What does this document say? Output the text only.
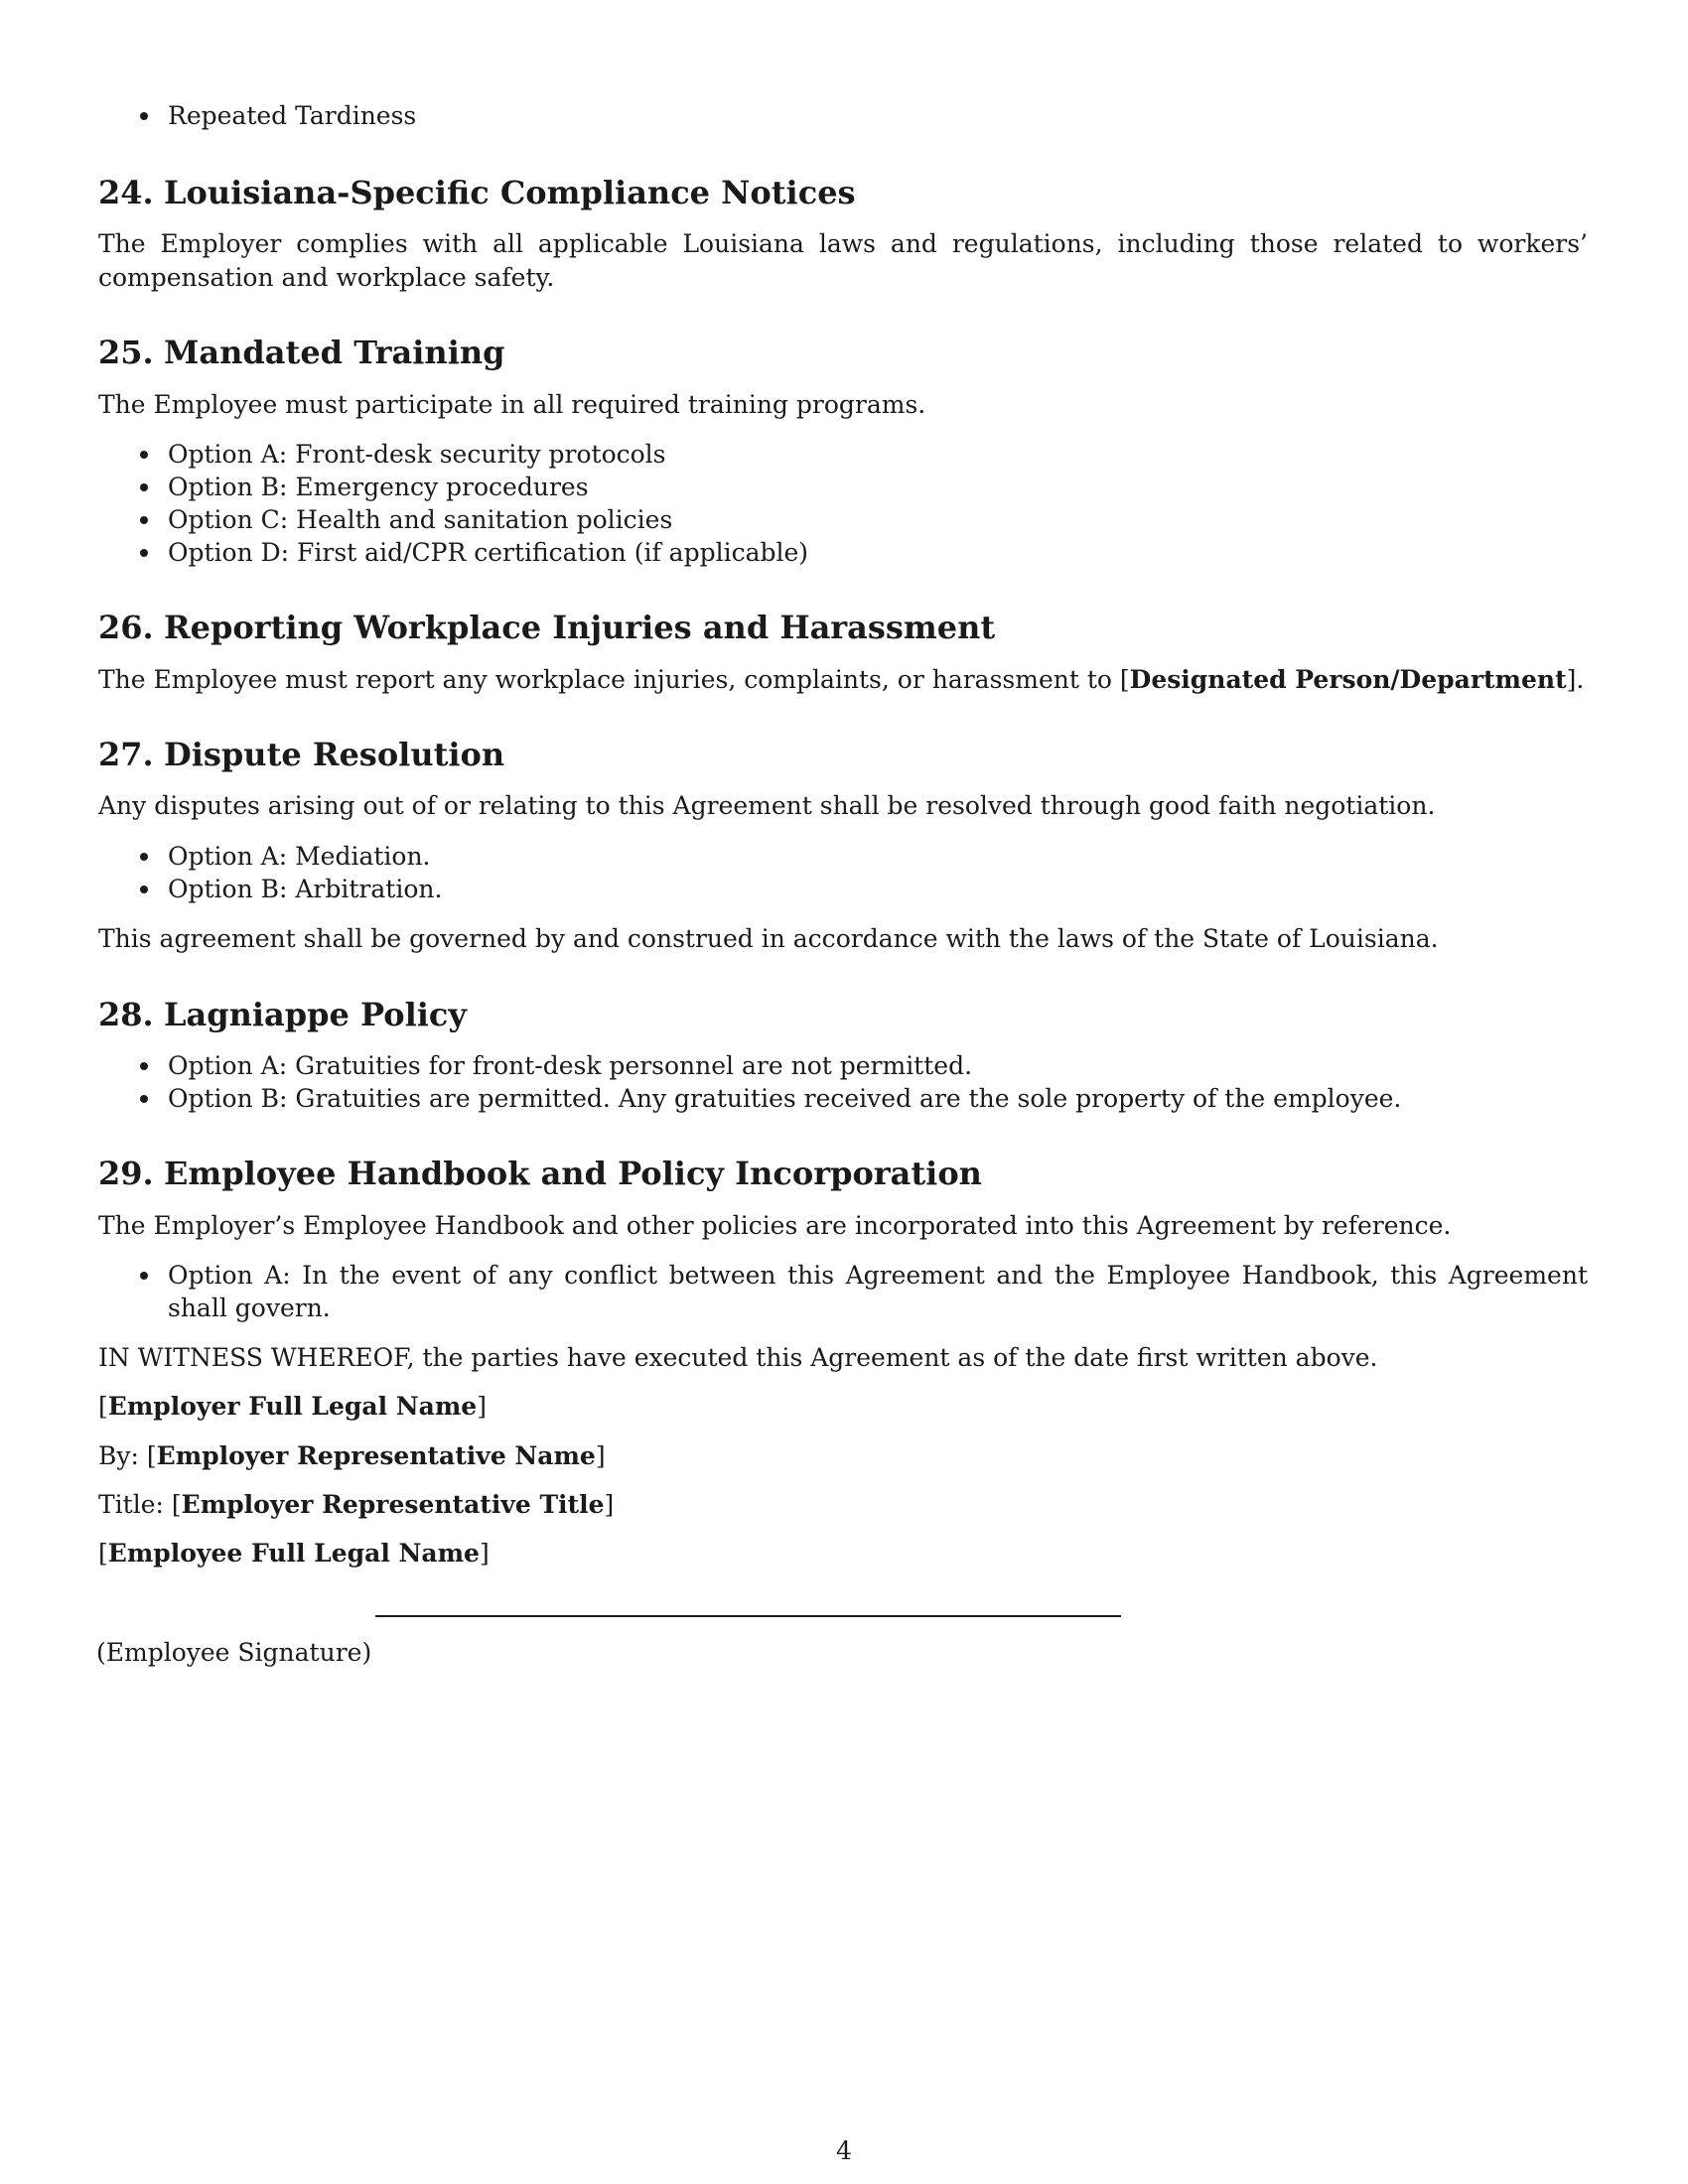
Repeated Tardiness
24. Louisiana-Specific Compliance Notices

The Employer complies with all applicable Louisiana laws and regulations, including those related to workers’ compensation and workplace safety.

25. Mandated Training

The Employee must participate in all required training programs.

Option A: Front-desk security protocols
Option B: Emergency procedures
Option C: Health and sanitation policies
Option D: First aid/CPR certification (if applicable)
26. Reporting Workplace Injuries and Harassment

The Employee must report any workplace injuries, complaints, or harassment to [Designated Person/Department].

27. Dispute Resolution

Any disputes arising out of or relating to this Agreement shall be resolved through good faith negotiation.

Option A: Mediation.
Option B: Arbitration.

This agreement shall be governed by and construed in accordance with the laws of the State of Louisiana.

28. Lagniappe Policy
Option A: Gratuities for front-desk personnel are not permitted.
Option B: Gratuities are permitted. Any gratuities received are the sole property of the employee.
29. Employee Handbook and Policy Incorporation

The Employer’s Employee Handbook and other policies are incorporated into this Agreement by reference.

Option A: In the event of any conflict between this Agreement and the Employee Handbook, this Agreement shall govern.

IN WITNESS WHEREOF, the parties have executed this Agreement as of the date first written above.

[Employer Full Legal Name]

By: [Employer Representative Name]

Title: [Employer Representative Title]

[Employee Full Legal Name]

(Employee Signature)

4
